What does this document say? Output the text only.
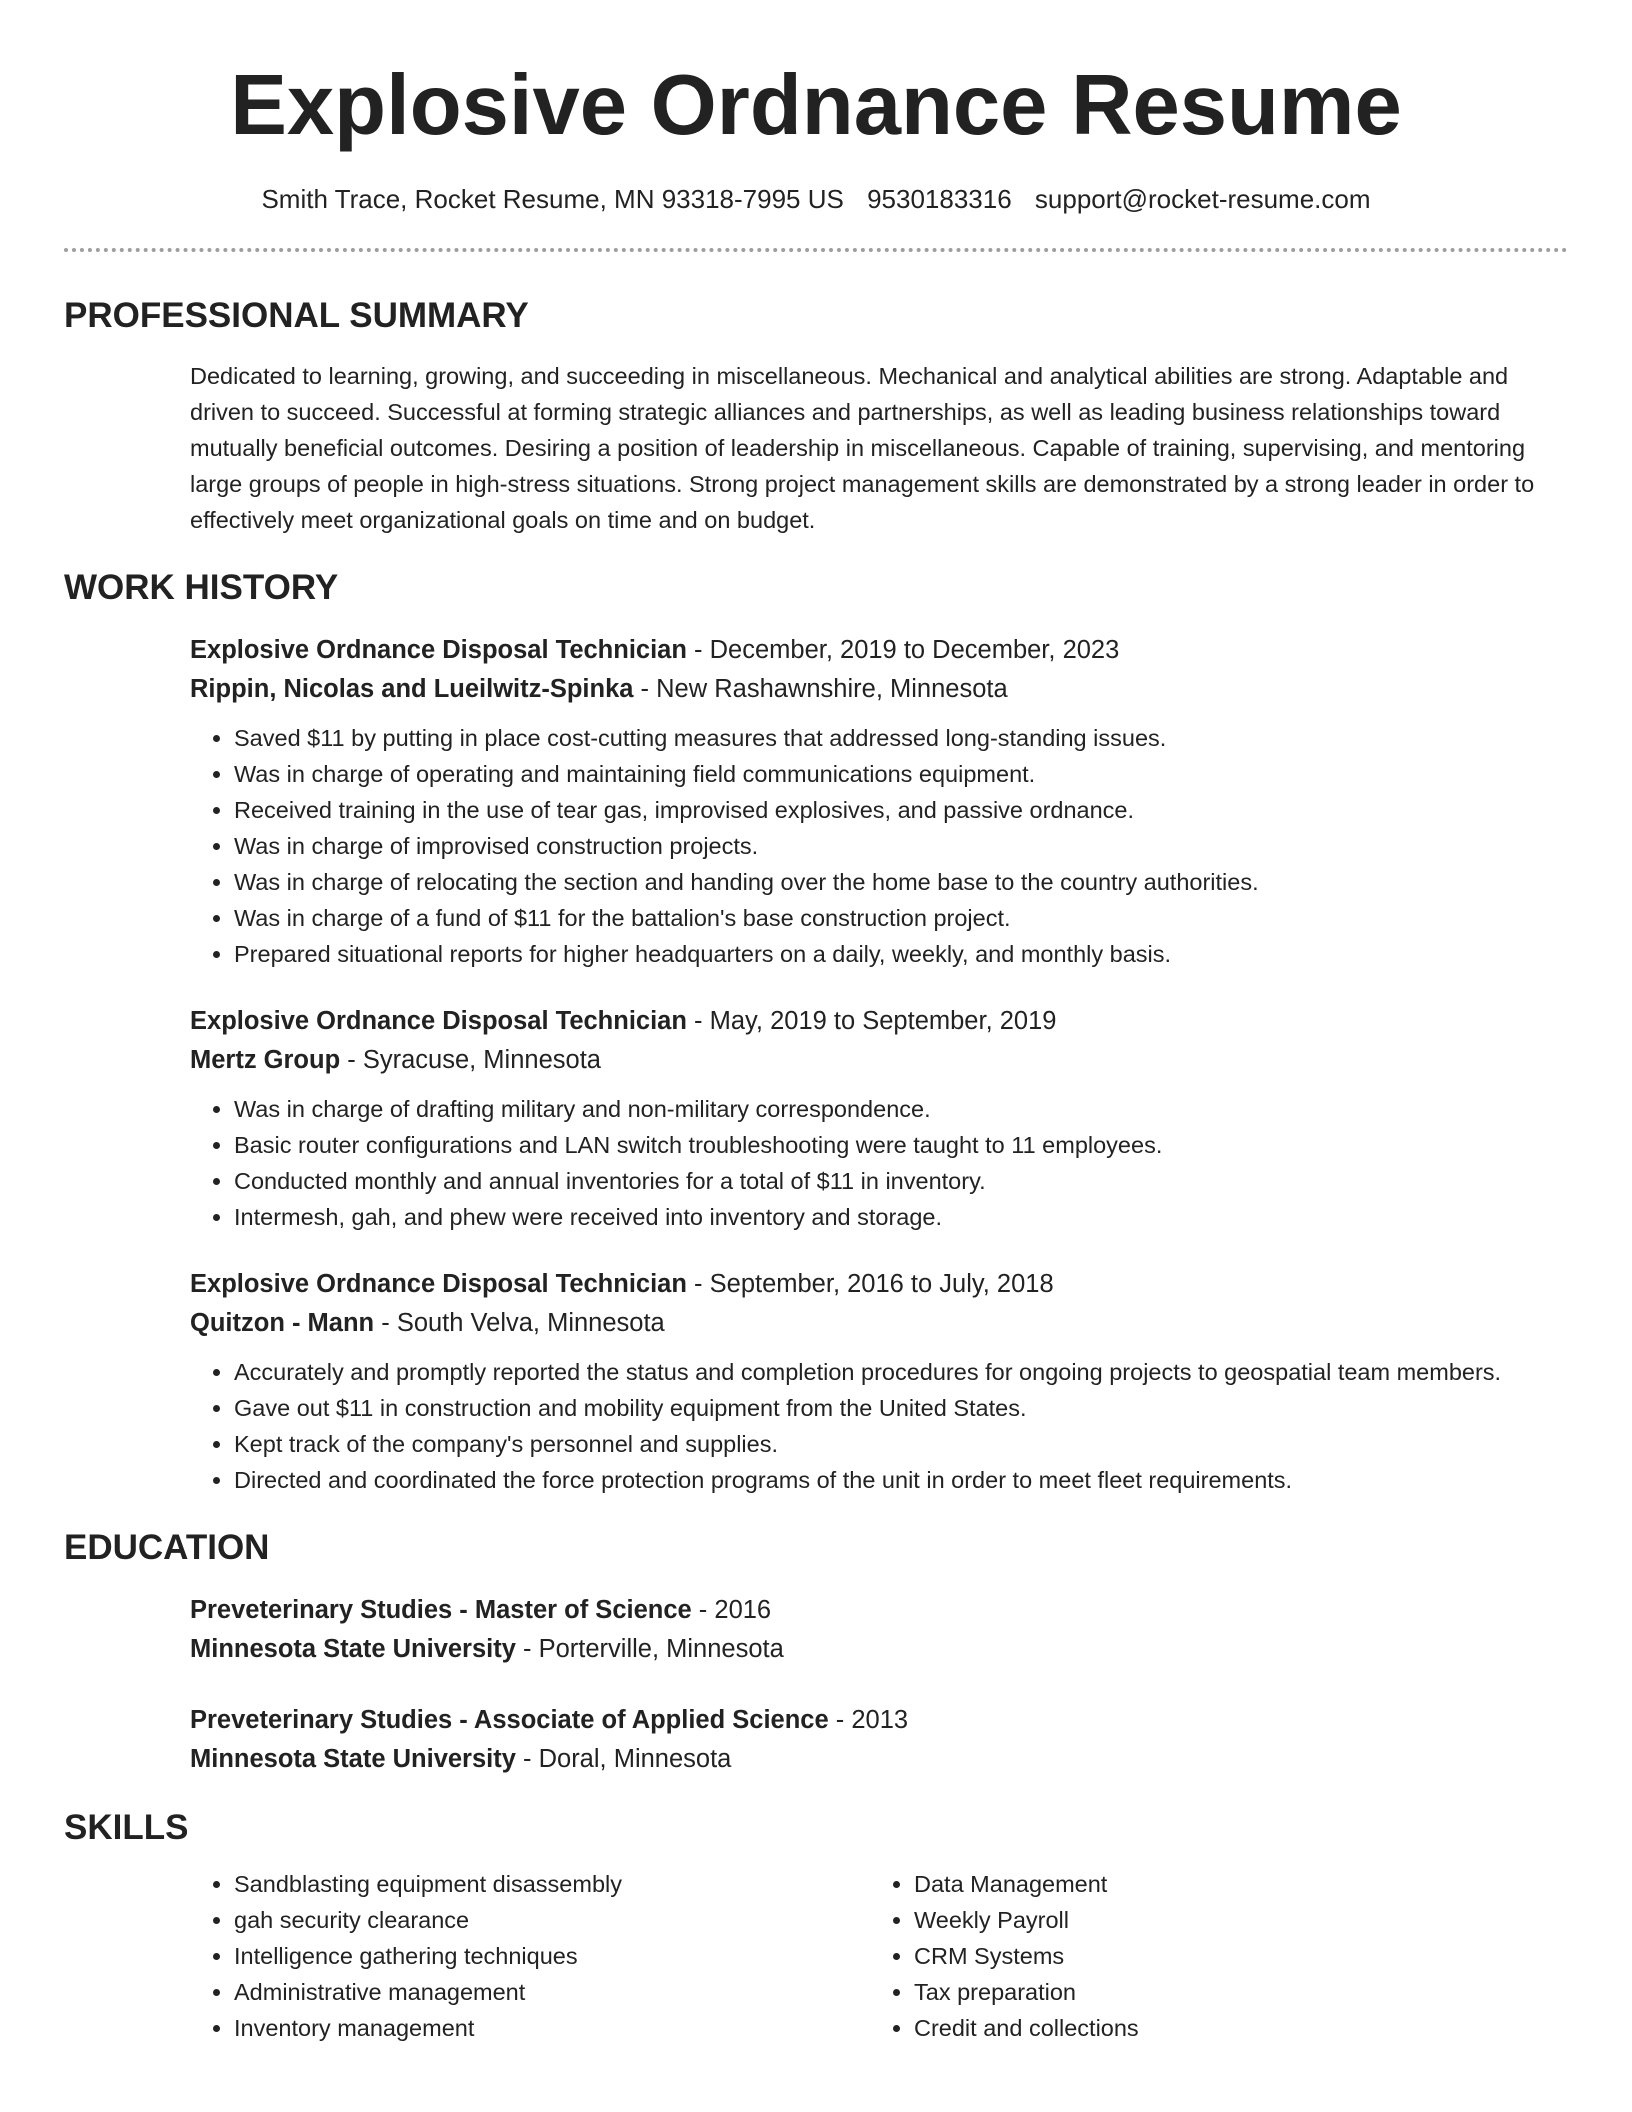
Explosive Ordnance Resume
Smith Trace, Rocket Resume, MN 93318-7995 US 9530183316 support@rocket-resume.com
PROFESSIONAL SUMMARY

Dedicated to learning, growing, and succeeding in miscellaneous. Mechanical and analytical abilities are strong. Adaptable and driven to succeed. Successful at forming strategic alliances and partnerships, as well as leading business relationships toward mutually beneficial outcomes. Desiring a position of leadership in miscellaneous. Capable of training, supervising, and mentoring large groups of people in high-stress situations. Strong project management skills are demonstrated by a strong leader in order to effectively meet organizational goals on time and on budget.

WORK HISTORY
Explosive Ordnance Disposal Technician - December, 2019 to December, 2023
Rippin, Nicolas and Lueilwitz-Spinka - New Rashawnshire, Minnesota
• Saved $11 by putting in place cost-cutting measures that addressed long-standing issues.
• Was in charge of operating and maintaining field communications equipment.
• Received training in the use of tear gas, improvised explosives, and passive ordnance.
• Was in charge of improvised construction projects.
• Was in charge of relocating the section and handing over the home base to the country authorities.
• Was in charge of a fund of $11 for the battalion's base construction project.
• Prepared situational reports for higher headquarters on a daily, weekly, and monthly basis.
Explosive Ordnance Disposal Technician - May, 2019 to September, 2019
Mertz Group - Syracuse, Minnesota
• Was in charge of drafting military and non-military correspondence.
• Basic router configurations and LAN switch troubleshooting were taught to 11 employees.
• Conducted monthly and annual inventories for a total of $11 in inventory.
• Intermesh, gah, and phew were received into inventory and storage.
Explosive Ordnance Disposal Technician - September, 2016 to July, 2018
Quitzon - Mann - South Velva, Minnesota
• Accurately and promptly reported the status and completion procedures for ongoing projects to geospatial team members.
• Gave out $11 in construction and mobility equipment from the United States.
• Kept track of the company's personnel and supplies.
• Directed and coordinated the force protection programs of the unit in order to meet fleet requirements.
EDUCATION
Preveterinary Studies - Master of Science - 2016
Minnesota State University - Porterville, Minnesota
Preveterinary Studies - Associate of Applied Science - 2013
Minnesota State University - Doral, Minnesota
SKILLS
• Sandblasting equipment disassembly
• gah security clearance
• Intelligence gathering techniques
• Administrative management
• Inventory management
• Data Management
• Weekly Payroll
• CRM Systems
• Tax preparation
• Credit and collections
